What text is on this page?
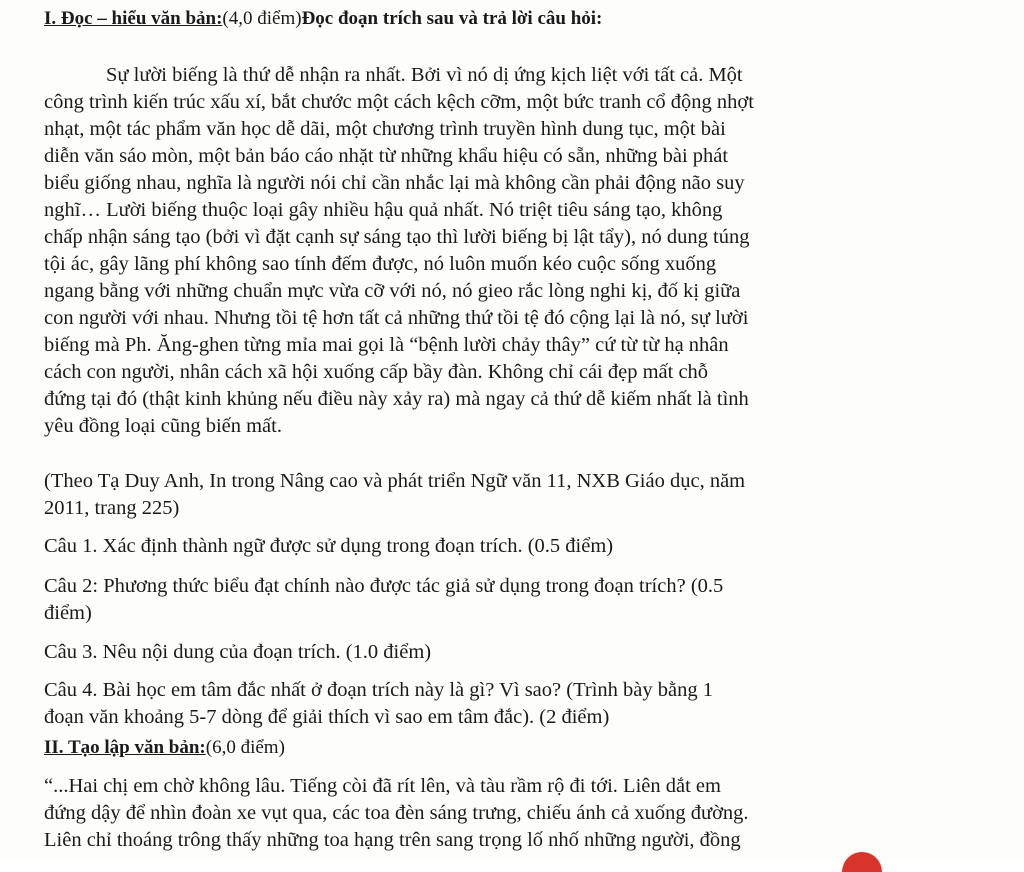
I. Đọc – hiểu văn bản:(4,0 điểm)Đọc đoạn trích sau và trả lời câu hỏi:
Sự lười biếng là thứ dễ nhận ra nhất. Bởi vì nó dị ứng kịch liệt với tất cả. Một
công trình kiến trúc xấu xí, bắt chước một cách kệch cỡm, một bức tranh cổ động nhợt
nhạt, một tác phẩm văn học dễ dãi, một chương trình truyền hình dung tục, một bài
diễn văn sáo mòn, một bản báo cáo nhặt từ những khẩu hiệu có sẵn, những bài phát
biểu giống nhau, nghĩa là người nói chỉ cần nhắc lại mà không cần phải động não suy
nghĩ… Lười biếng thuộc loại gây nhiều hậu quả nhất. Nó triệt tiêu sáng tạo, không
chấp nhận sáng tạo (bởi vì đặt cạnh sự sáng tạo thì lười biếng bị lật tẩy), nó dung túng
tội ác, gây lãng phí không sao tính đếm được, nó luôn muốn kéo cuộc sống xuống
ngang bằng với những chuẩn mực vừa cỡ với nó, nó gieo rắc lòng nghi kị, đố kị giữa
con người với nhau. Nhưng tồi tệ hơn tất cả những thứ tồi tệ đó cộng lại là nó, sự lười
biếng mà Ph. Ăng-ghen từng mỉa mai gọi là “bệnh lười chảy thây” cứ từ từ hạ nhân
cách con người, nhân cách xã hội xuống cấp bầy đàn. Không chỉ cái đẹp mất chỗ
đứng tại đó (thật kinh khủng nếu điều này xảy ra) mà ngay cả thứ dễ kiếm nhất là tình
yêu đồng loại cũng biến mất.
(Theo Tạ Duy Anh, In trong Nâng cao và phát triển Ngữ văn 11, NXB Giáo dục, năm
2011, trang 225)
Câu 1. Xác định thành ngữ được sử dụng trong đoạn trích. (0.5 điểm)
Câu 2: Phương thức biểu đạt chính nào được tác giả sử dụng trong đoạn trích? (0.5
điểm)
Câu 3. Nêu nội dung của đoạn trích. (1.0 điểm)
Câu 4. Bài học em tâm đắc nhất ở đoạn trích này là gì? Vì sao? (Trình bày bằng 1
đoạn văn khoảng 5-7 dòng để giải thích vì sao em tâm đắc). (2 điểm)
II. Tạo lập văn bản:(6,0 điểm)
“...Hai chị em chờ không lâu. Tiếng còi đã rít lên, và tàu rầm rộ đi tới. Liên dắt em
đứng dậy để nhìn đoàn xe vụt qua, các toa đèn sáng trưng, chiếu ánh cả xuống đường.
Liên chỉ thoáng trông thấy những toa hạng trên sang trọng lố nhố những người, đồng
